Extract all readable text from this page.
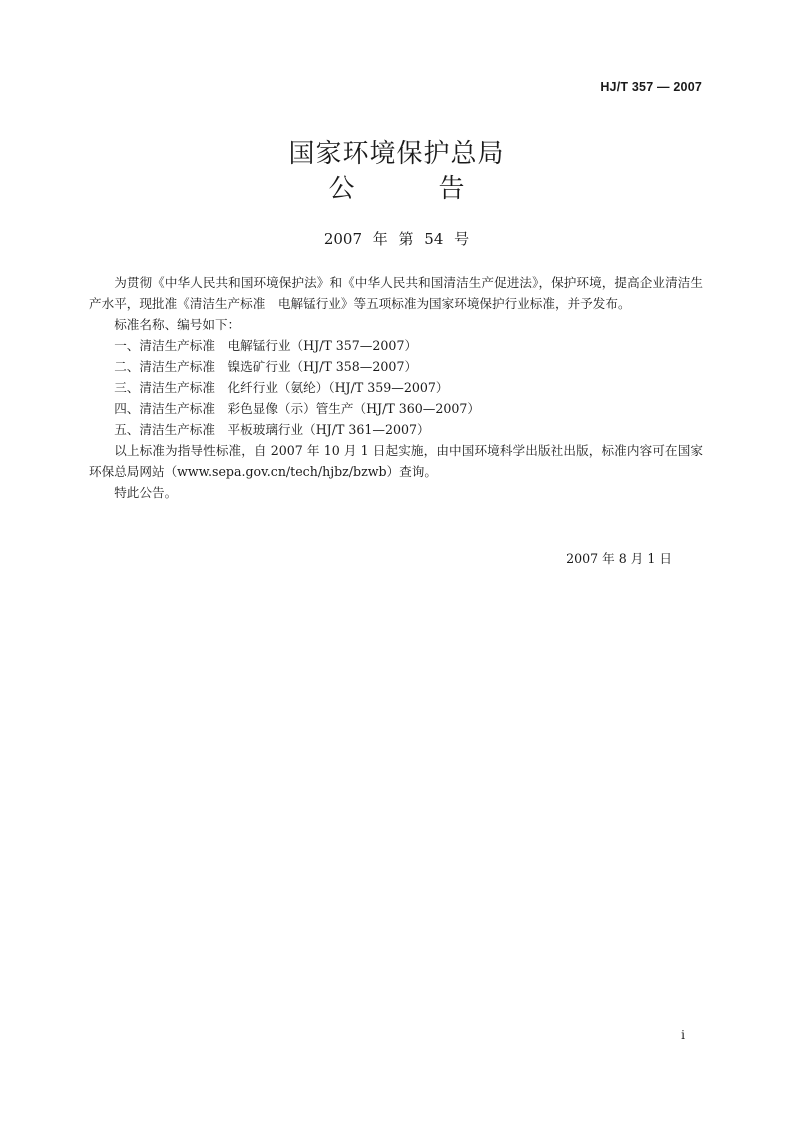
HJ/T 357 — 2007
国家环境保护总局
公告
2007 年 第 54 号

为贯彻《中华人民共和国环境保护法》和《中华人民共和国清洁生产促进法》，保护环境，提高企业清洁生产水平，现批准《清洁生产标准　电解锰行业》等五项标准为国家环境保护行业标准，并予发布。

标准名称、编号如下：

一、清洁生产标准　电解锰行业（HJ/T 357—2007）

二、清洁生产标准　镍选矿行业（HJ/T 358—2007）

三、清洁生产标准　化纤行业（氨纶）（HJ/T 359—2007）

四、清洁生产标准　彩色显像（示）管生产（HJ/T 360—2007）

五、清洁生产标准　平板玻璃行业（HJ/T 361—2007）

以上标准为指导性标准，自 2007 年 10 月 1 日起实施，由中国环境科学出版社出版，标准内容可在国家环保总局网站（www.sepa.gov.cn/tech/hjbz/bzwb）查询。

特此公告。

2007 年 8 月 1 日
i
